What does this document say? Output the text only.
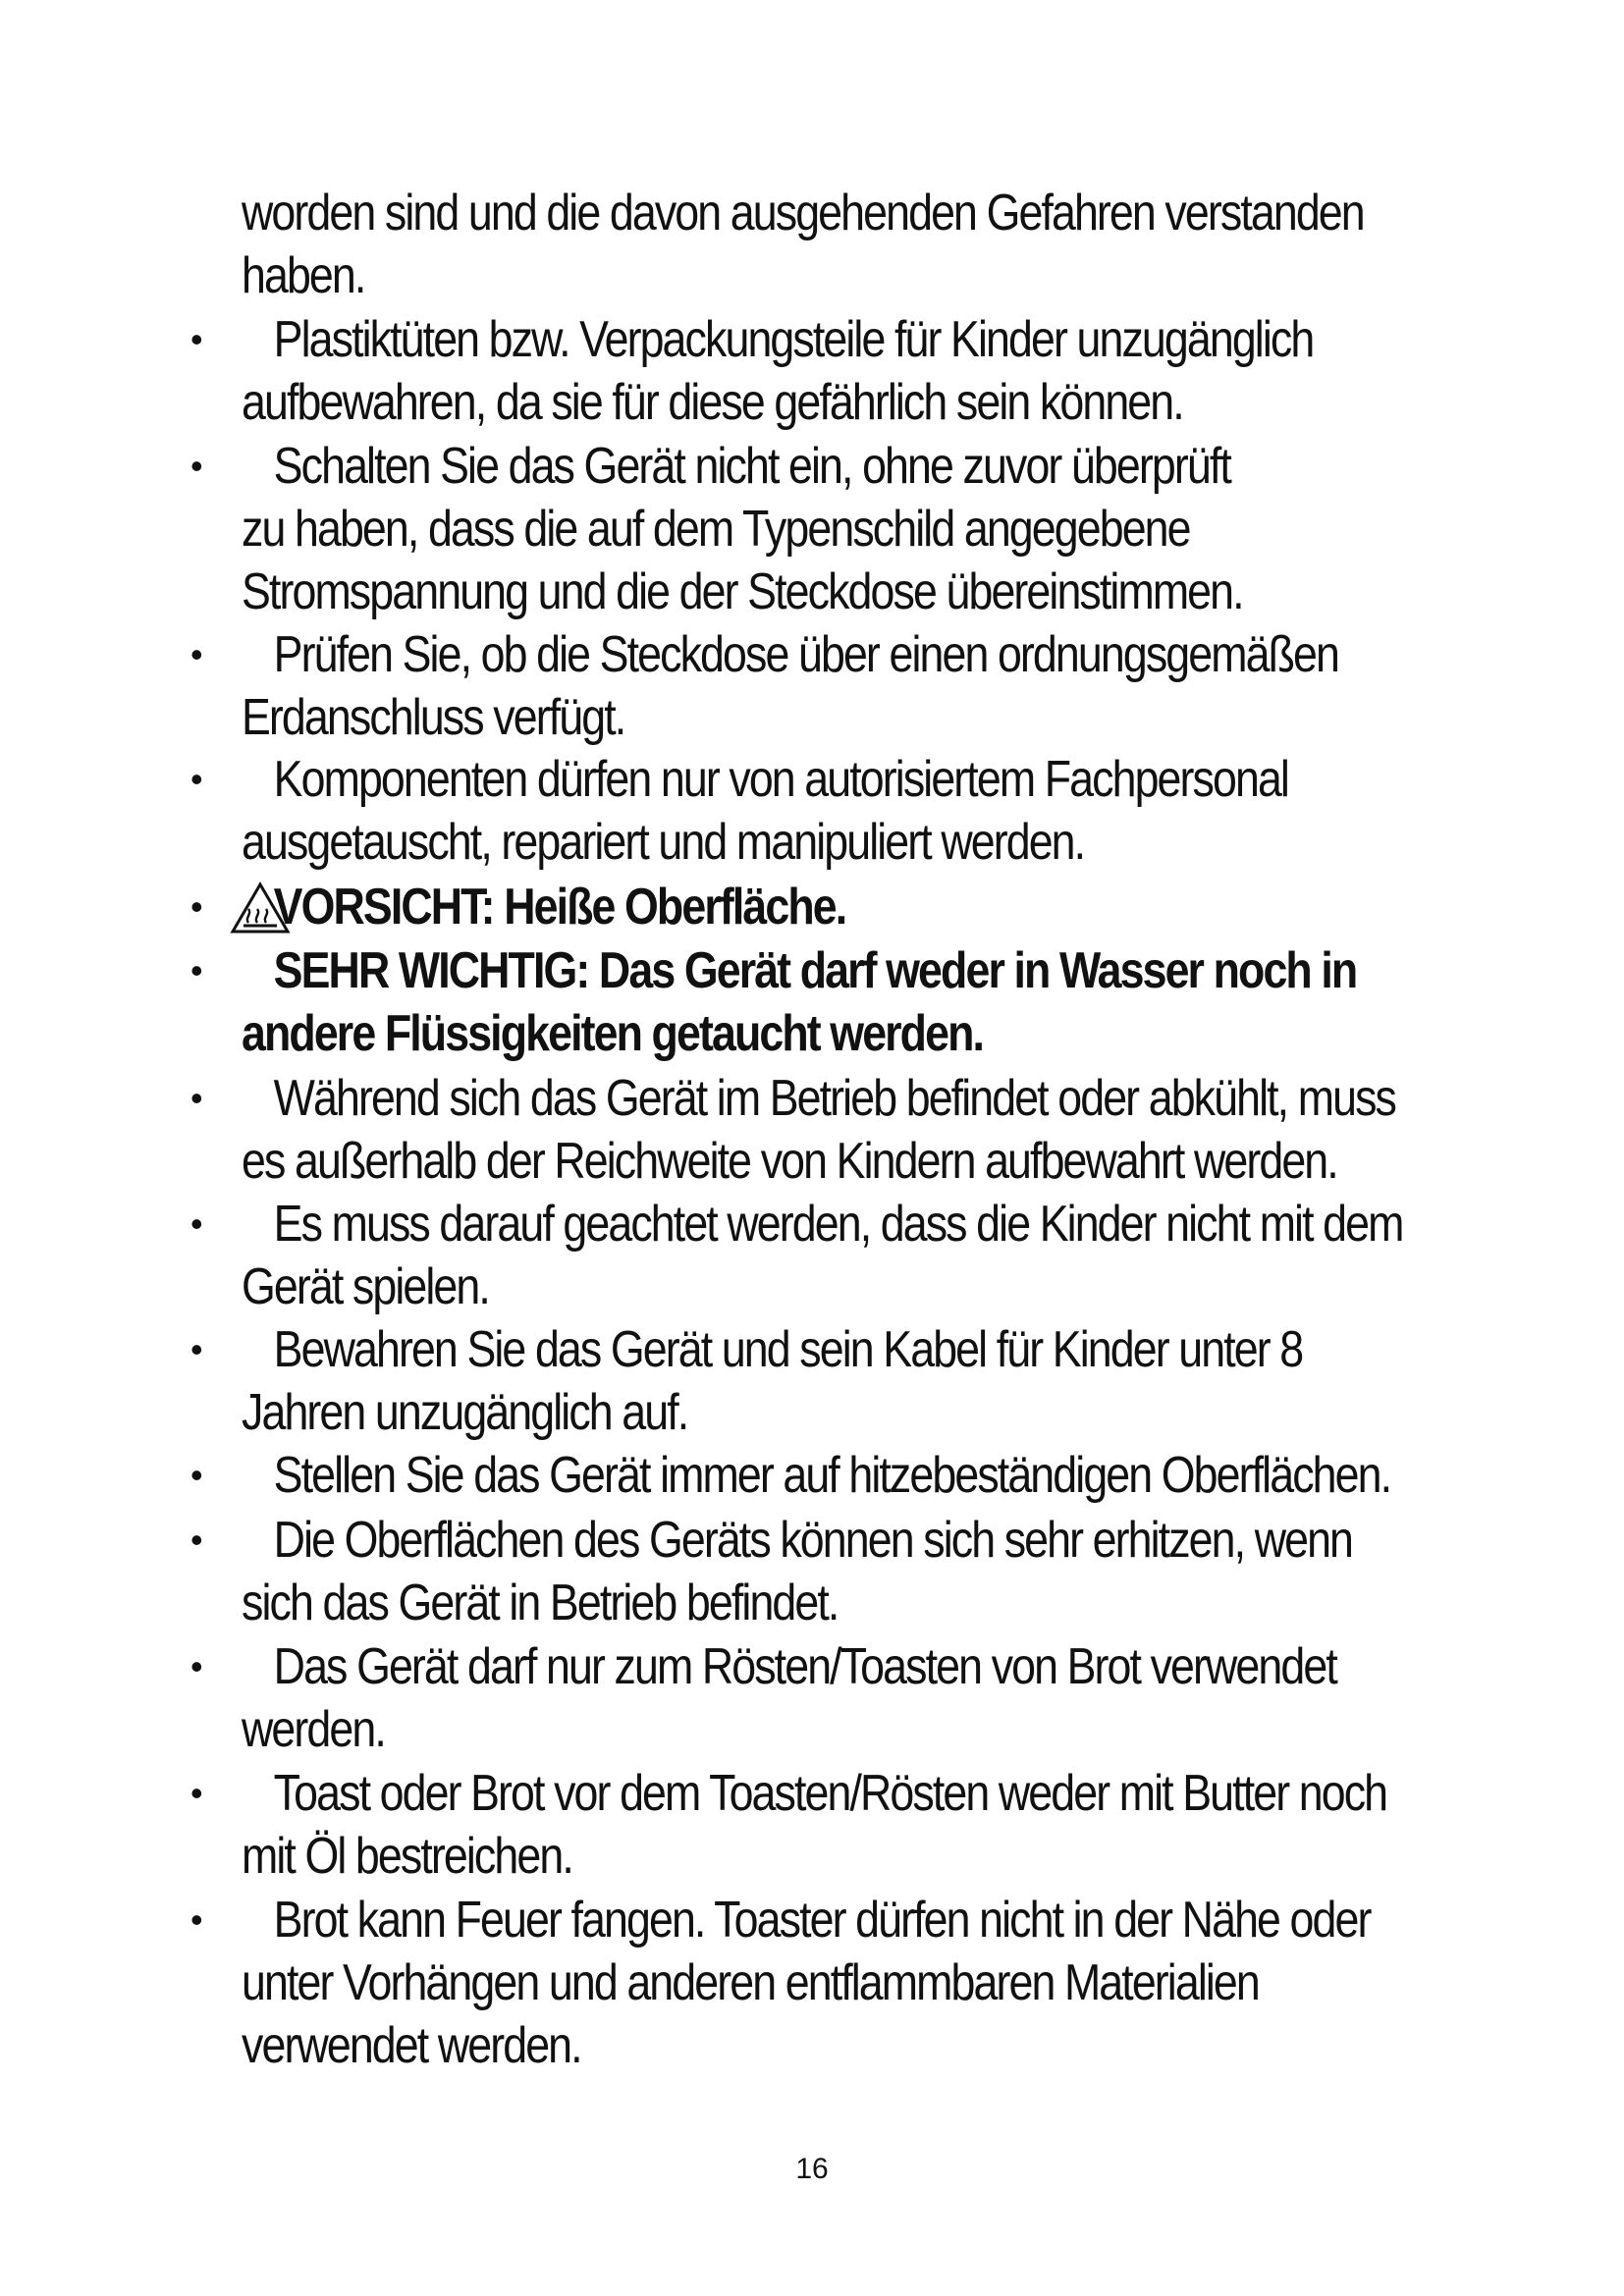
worden sind und die davon ausgehenden Gefahren verstanden
haben.
•	Plastiktüten bzw. Verpackungsteile für Kinder unzugänglich
aufbewahren, da sie für diese gefährlich sein können.
•	Schalten Sie das Gerät nicht ein, ohne zuvor überprüft
zu haben, dass die auf dem Typenschild angegebene
Stromspannung und die der Steckdose übereinstimmen.
•	Prüfen Sie, ob die Steckdose über einen ordnungsgemäßen
Erdanschluss verfügt.
•	Komponenten dürfen nur von autorisiertem Fachpersonal
ausgetauscht, repariert und manipuliert werden.
•	VORSICHT: Heiße Oberfläche.
•	SEHR WICHTIG: Das Gerät darf weder in Wasser noch in
andere Flüssigkeiten getaucht werden.
•	Während sich das Gerät im Betrieb befindet oder abkühlt, muss
es außerhalb der Reichweite von Kindern aufbewahrt werden.
•	Es muss darauf geachtet werden, dass die Kinder nicht mit dem
Gerät spielen.
•	Bewahren Sie das Gerät und sein Kabel für Kinder unter 8
Jahren unzugänglich auf.
•	Stellen Sie das Gerät immer auf hitzebeständigen Oberflächen.
•	Die Oberflächen des Geräts können sich sehr erhitzen, wenn
sich das Gerät in Betrieb befindet.
•	Das Gerät darf nur zum Rösten/Toasten von Brot verwendet
werden.
•	Toast oder Brot vor dem Toasten/Rösten weder mit Butter noch
mit Öl bestreichen.
•	Brot kann Feuer fangen. Toaster dürfen nicht in der Nähe oder
unter Vorhängen und anderen entflammbaren Materialien
verwendet werden.
16
